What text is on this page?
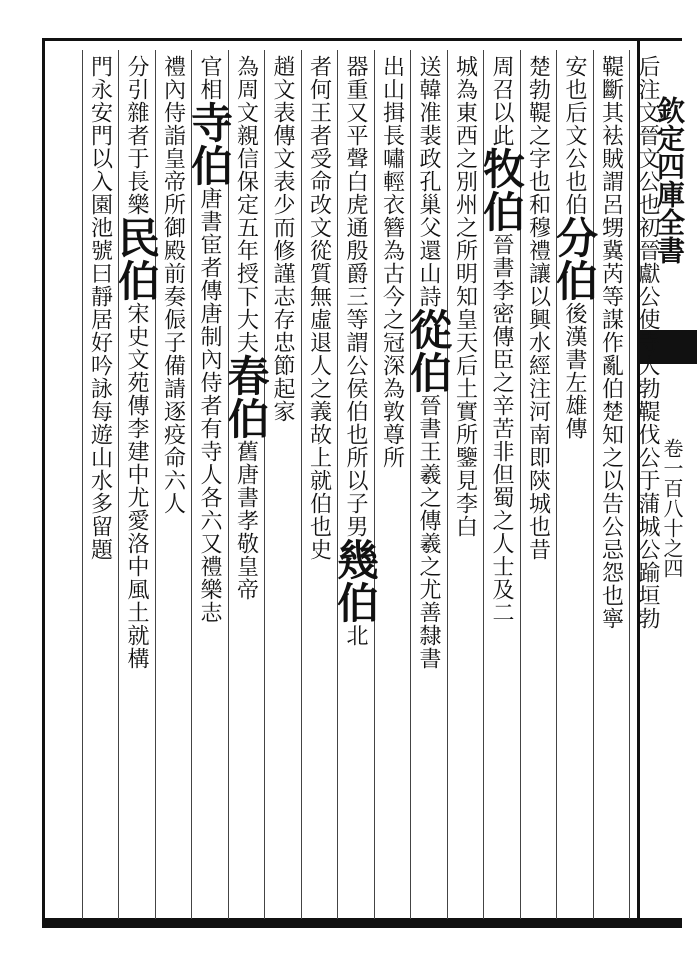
欽定四庫全書
卷一百八十之四
后注文晉文公也初晉獻公使寺人勃鞮伐公于蒲城公踰垣勃
鞮斷其袪賊謂呂甥冀芮等謀作亂伯楚知之以告公忌怨也寧
安也后文公也伯分伯後漢書左雄傳
楚勃鞮之字也和穆禮讓以興水經注河南即陝城也昔
周召以此牧伯晉書李密傳臣之辛苦非但蜀之人士及二
城為東西之別州之所明知皇天后土實所鑒見李白
送韓准裴政孔巢父還山詩從伯晉書王羲之傳羲之尤善隸書
出山揖長嘯輕衣簪為古今之冠深為敦尊所
器重又平聲白虎通殷爵三等謂公侯伯也所以子男幾伯北
者何王者受命改文從質無虛退人之義故上就伯也史
趙文表傳文表少而修謹志存忠節起家
為周文親信保定五年授下大夫春伯舊唐書孝敬皇帝
官相寺伯唐書宦者傳唐制內侍者有寺人各六又禮樂志
禮內侍詣皇帝所御殿前奏侲子備請逐疫命六人
分引雜者于長樂民伯宋史文苑傳李建中尤愛洛中風土就構
門永安門以入園池號曰靜居好吟詠每遊山水多留題
